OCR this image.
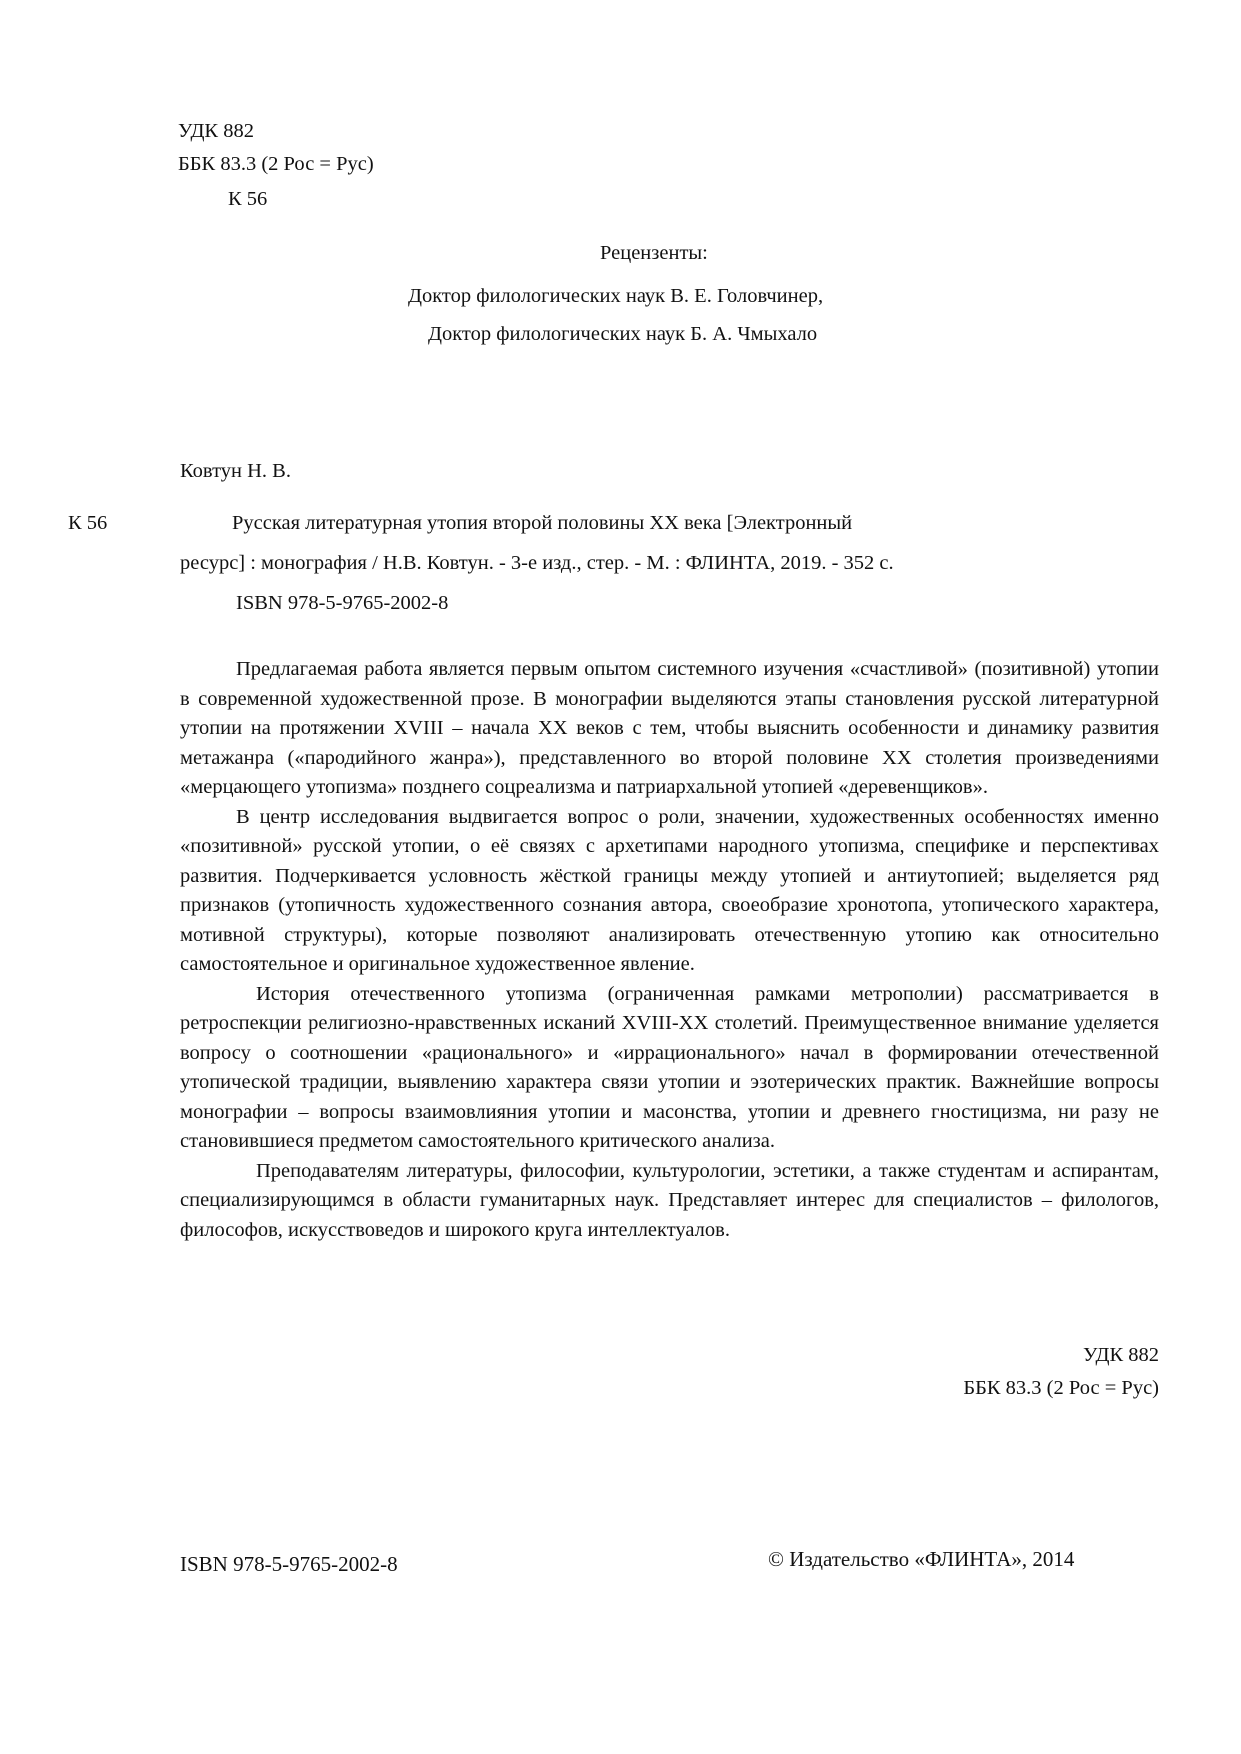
УДК 882

ББК 83.3 (2 Рос = Рус)

К 56

Рецензенты:

Доктор филологических наук В. Е. Головчинер,

Доктор филологических наук Б. А. Чмыхало

Ковтун Н. В.

К 56	Русская литературная утопия второй половины XX века [Электронный

ресурс] : монография / Н.В. Ковтун. - 3-е изд., стер. - М. : ФЛИНТА, 2019. - 352 с.

ISBN 978-5-9765-2002-8

Предлагаемая работа является первым опытом системного изучения «счастливой» (позитивной) утопии в современной художественной прозе. В монографии выделяются этапы становления русской литературной утопии на протяжении XVIII – начала XX веков с тем, чтобы выяснить особенности и динамику развития метажанра («пародийного жанра»), представленного во второй половине XX столетия произведениями «мерцающего утопизма» позднего соцреализма и патриархальной утопией «деревенщиков».

В центр исследования выдвигается вопрос о роли, значении, художественных особенностях именно «позитивной» русской утопии, о её связях с архетипами народного утопизма, специфике и перспективах развития. Подчеркивается условность жёсткой границы между утопией и антиутопией; выделяется ряд признаков (утопичность художественного сознания автора, своеобразие хронотопа, утопического характера, мотивной структуры), которые позволяют анализировать отечественную утопию как относительно самостоятельное и оригинальное художественное явление.

История отечественного утопизма (ограниченная рамками метрополии) рассматривается в ретроспекции религиозно-нравственных исканий XVIII-XX столетий. Преимущественное внимание уделяется вопросу о соотношении «рационального» и «иррационального» начал в формировании отечественной утопической традиции, выявлению характера связи утопии и эзотерических практик. Важнейшие вопросы монографии – вопросы взаимовлияния утопии и масонства, утопии и древнего гностицизма, ни разу не становившиеся предметом самостоятельного критического анализа.

Преподавателям литературы, философии, культурологии, эстетики, а также студентам и аспирантам, специализирующимся в области гуманитарных наук. Представляет интерес для специалистов – филологов, философов, искусствоведов и широкого круга интеллектуалов.

УДК 882

ББК 83.3 (2 Рос = Рус)

ISBN 978-5-9765-2002-8	© Издательство «ФЛИНТА», 2014
